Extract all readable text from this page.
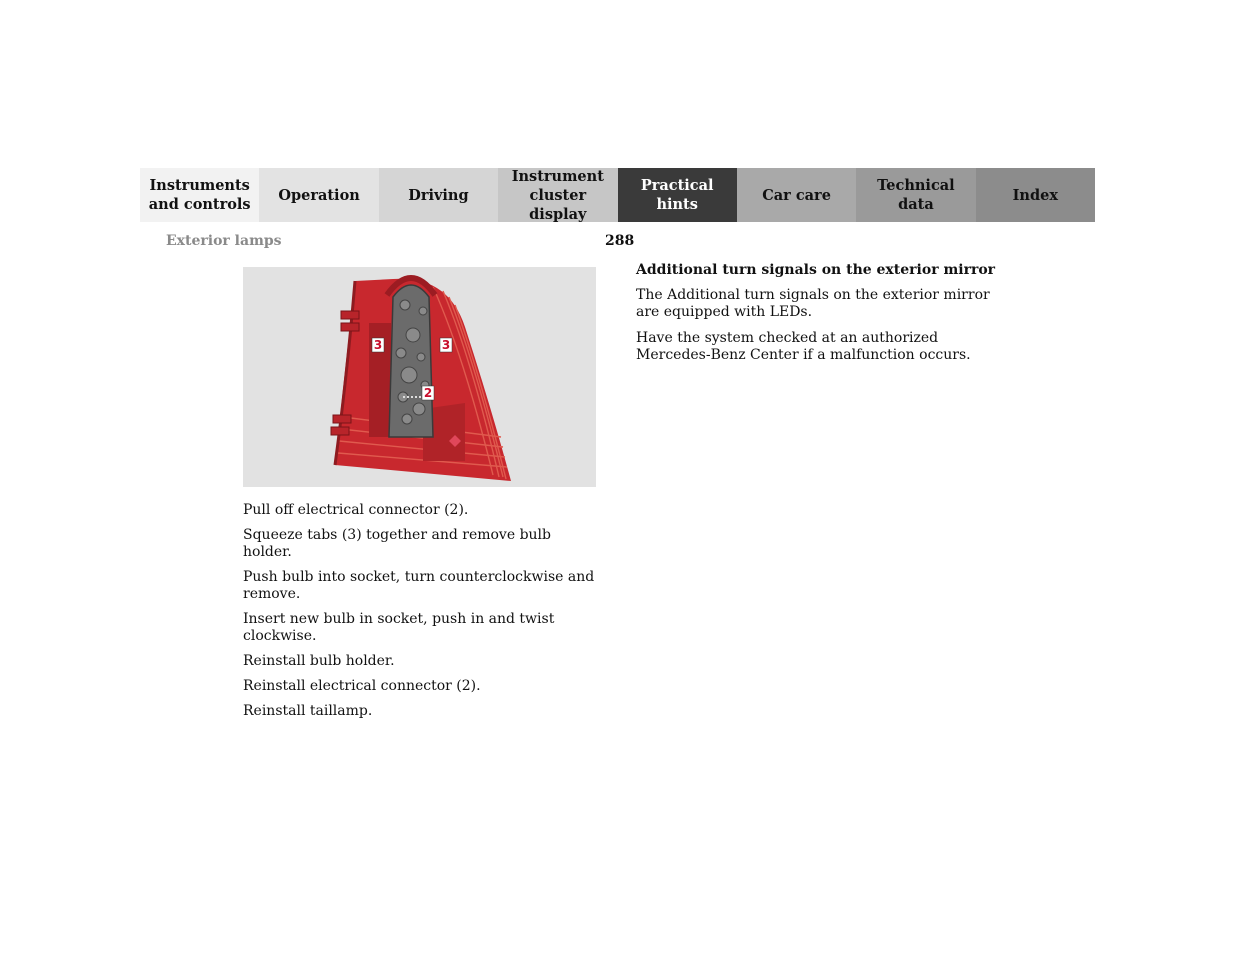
Instruments
and controls
Operation	Driving
Instrument
cluster display
Practical hints
Car care
Technical
data
Index
Exterior lamps	288
3	3
2

Pull off electrical connector (2).

Squeeze tabs (3) together and remove bulb holder.

Push bulb into socket, turn counterclockwise and remove.

Insert new bulb in socket, push in and twist clockwise.

Reinstall bulb holder.

Reinstall electrical connector (2).

Reinstall taillamp.

Additional turn signals on the exterior mirror

The Additional turn signals on the exterior mirror are equipped with LEDs.

Have the system checked at an authorized Mercedes-Benz Center if a malfunction occurs.
